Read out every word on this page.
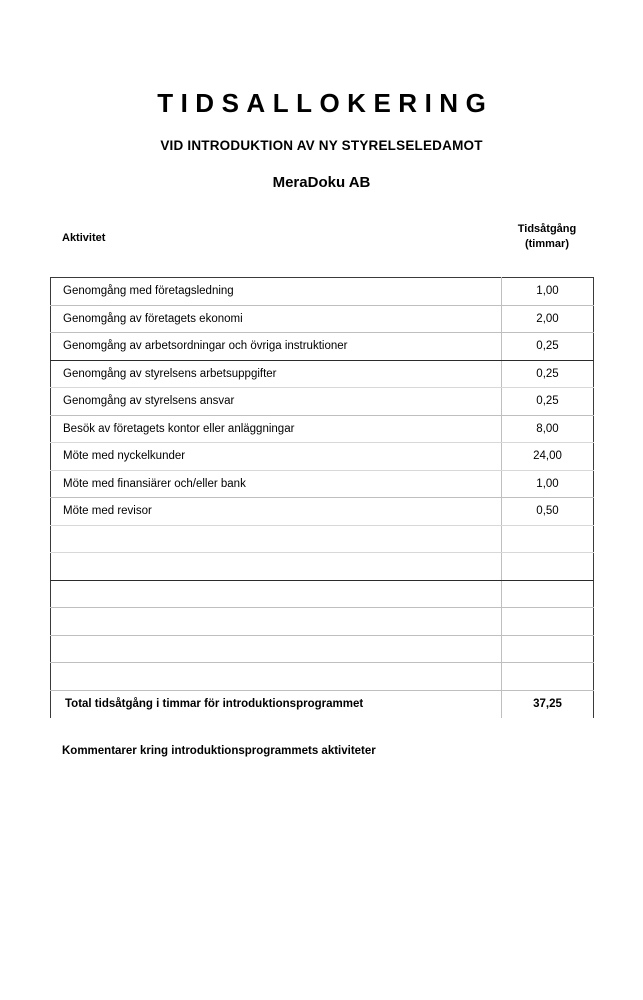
TIDSALLOKERING
VID INTRODUKTION AV NY STYRELSELEDAMOT
MeraDoku AB
Aktivitet
Tidsåtgång
(timmar)
Genomgång med företagsledning	1,00
Genomgång av företagets ekonomi	2,00
Genomgång av arbetsordningar och övriga instruktioner	0,25
Genomgång av styrelsens arbetsuppgifter	0,25
Genomgång av styrelsens ansvar	0,25
Besök av företagets kontor eller anläggningar	8,00
Möte med nyckelkunder	24,00
Möte med finansiärer och/eller bank	1,00
Möte med revisor	0,50

Total tidsåtgång i timmar för introduktionsprogrammet	37,25
Kommentarer kring introduktionsprogrammets aktiviteter
